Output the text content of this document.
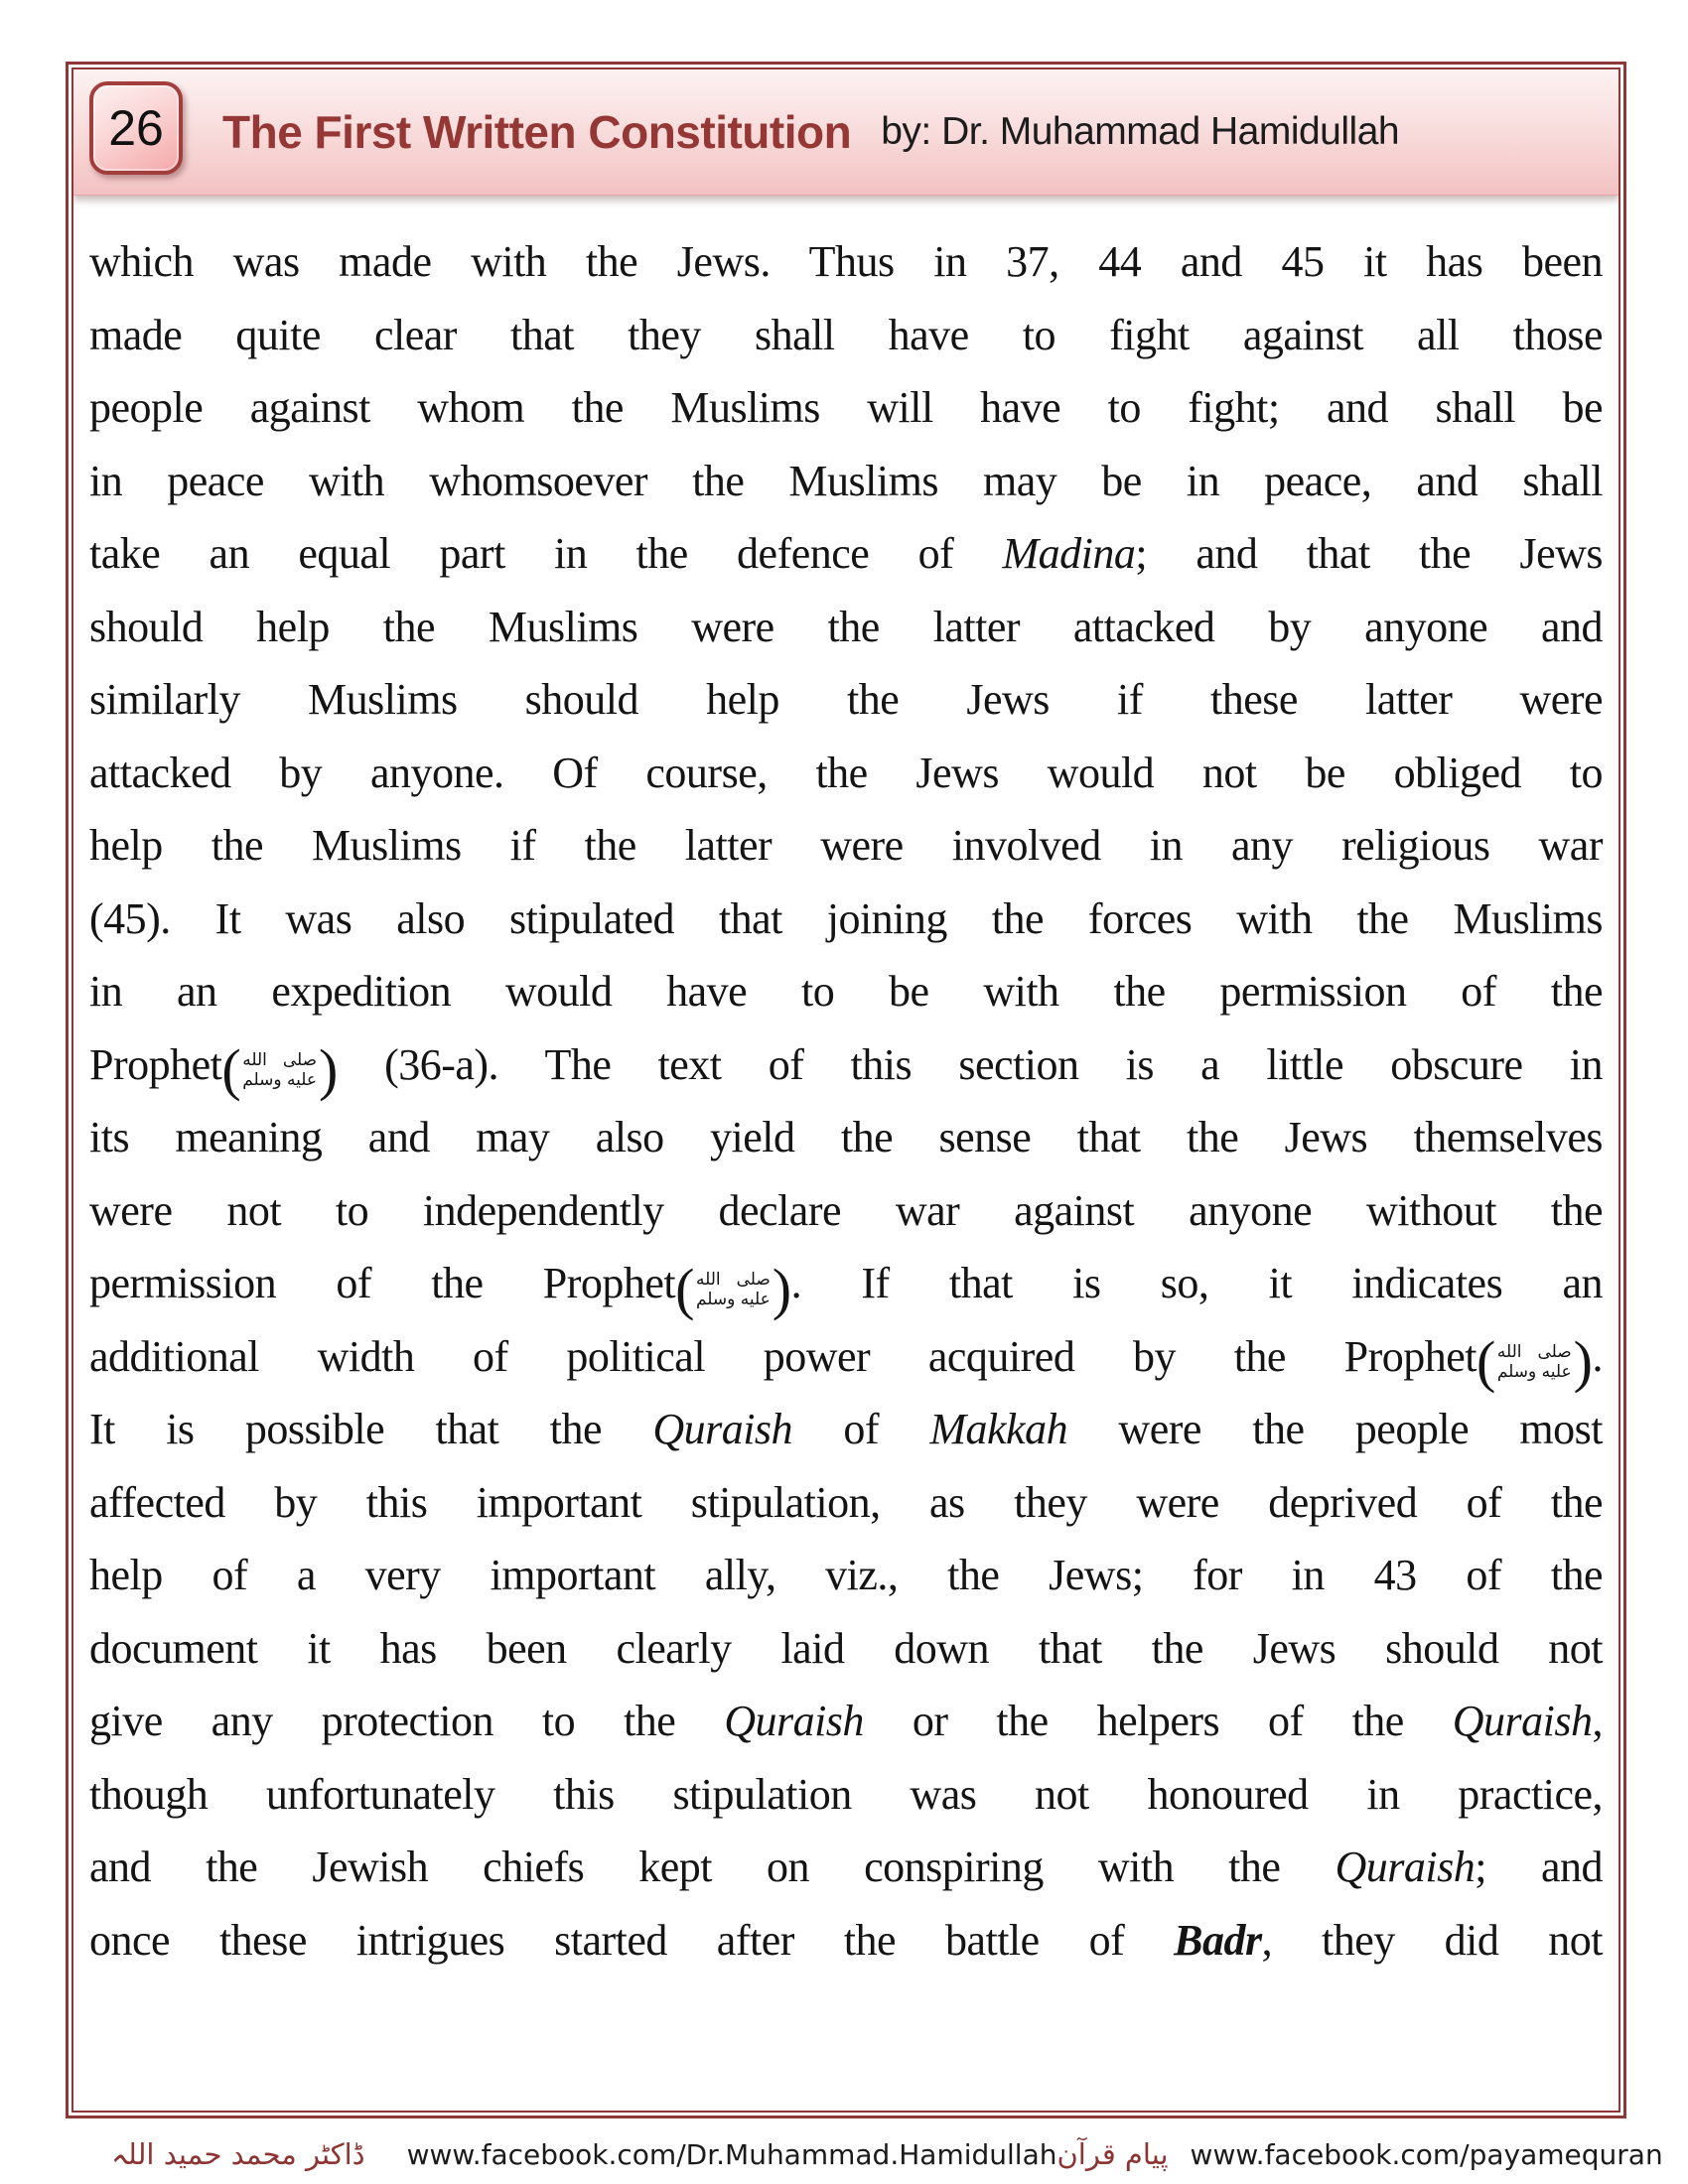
26 The First Written Constitution by: Dr. Muhammad Hamidullah
which was made with the Jews. Thus in 37, 44 and 45 it has been
made quite clear that they shall have to fight against all those
people against whom the Muslims will have to fight; and shall be
in peace with whomsoever the Muslims may be in peace, and shall
take an equal part in the defence of Madina; and that the Jews
should help the Muslims were the latter attacked by anyone and
similarly Muslims should help the Jews if these latter were
attacked by anyone. Of course, the Jews would not be obliged to
help the Muslims if the latter were involved in any religious war
(45). It was also stipulated that joining the forces with the Muslims
in an expedition would have to be with the permission of the
Prophet( صلى الله
عليه وسلم ) (36-a). The text of this section is a little obscure in
its meaning and may also yield the sense that the Jews themselves
were not to independently declare war against anyone without the
permission of the Prophet( صلى الله
عليه وسلم ). If that is so, it indicates an
additional width of political power acquired by the Prophet( صلى الله
عليه وسلم ).
It is possible that the Quraish of Makkah were the people most
affected by this important stipulation, as they were deprived of the
help of a very important ally, viz., the Jews; for in 43 of the
document it has been clearly laid down that the Jews should not
give any protection to the Quraish or the helpers of the Quraish,
though unfortunately this stipulation was not honoured in practice,
and the Jewish chiefs kept on conspiring with the Quraish; and
once these intrigues started after the battle of Badr, they did not
ڈاکٹر محمد حمید اللہ www.facebook.com/Dr.Muhammad.Hamidullah پیام قرآن www.facebook.com/payamequran
